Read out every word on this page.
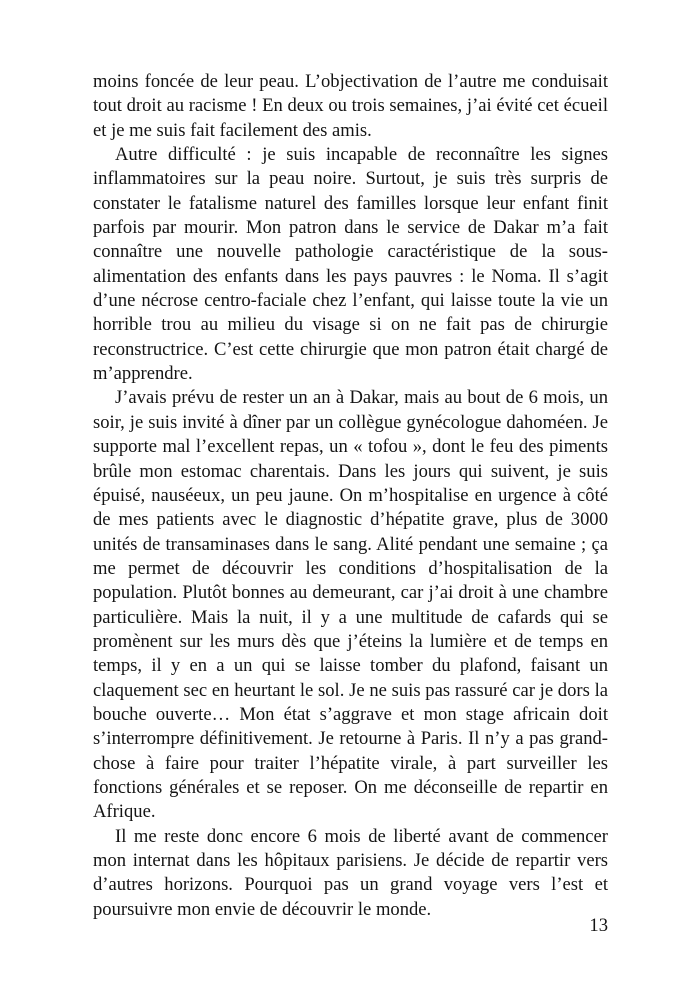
moins foncée de leur peau. L’objectivation de l’autre me conduisait tout droit au racisme ! En deux ou trois semaines, j’ai évité cet écueil et je me suis fait facilement des amis.

Autre difficulté : je suis incapable de reconnaître les signes inflammatoires sur la peau noire. Surtout, je suis très surpris de constater le fatalisme naturel des familles lorsque leur enfant finit parfois par mourir. Mon patron dans le service de Dakar m’a fait connaître une nouvelle pathologie caractéristique de la sous-alimentation des enfants dans les pays pauvres : le Noma. Il s’agit d’une nécrose centro-faciale chez l’enfant, qui laisse toute la vie un horrible trou au milieu du visage si on ne fait pas de chirurgie reconstructrice. C’est cette chirurgie que mon patron était chargé de m’apprendre.

J’avais prévu de rester un an à Dakar, mais au bout de 6 mois, un soir, je suis invité à dîner par un collègue gynécologue dahoméen. Je supporte mal l’excellent repas, un « tofou », dont le feu des piments brûle mon estomac charentais. Dans les jours qui suivent, je suis épuisé, nauséeux, un peu jaune. On m’hospitalise en urgence à côté de mes patients avec le diagnostic d’hépatite grave, plus de 3000 unités de transaminases dans le sang. Alité pendant une semaine ; ça me permet de découvrir les conditions d’hospitalisation de la population. Plutôt bonnes au demeurant, car j’ai droit à une chambre particulière. Mais la nuit, il y a une multitude de cafards qui se promènent sur les murs dès que j’éteins la lumière et de temps en temps, il y en a un qui se laisse tomber du plafond, faisant un claquement sec en heurtant le sol. Je ne suis pas rassuré car je dors la bouche ouverte… Mon état s’aggrave et mon stage africain doit s’interrompre définitivement. Je retourne à Paris. Il n’y a pas grand-chose à faire pour traiter l’hépatite virale, à part surveiller les fonctions générales et se reposer. On me déconseille de repartir en Afrique.

Il me reste donc encore 6 mois de liberté avant de commencer mon internat dans les hôpitaux parisiens. Je décide de repartir vers d’autres horizons. Pourquoi pas un grand voyage vers l’est et poursuivre mon envie de découvrir le monde.

13
